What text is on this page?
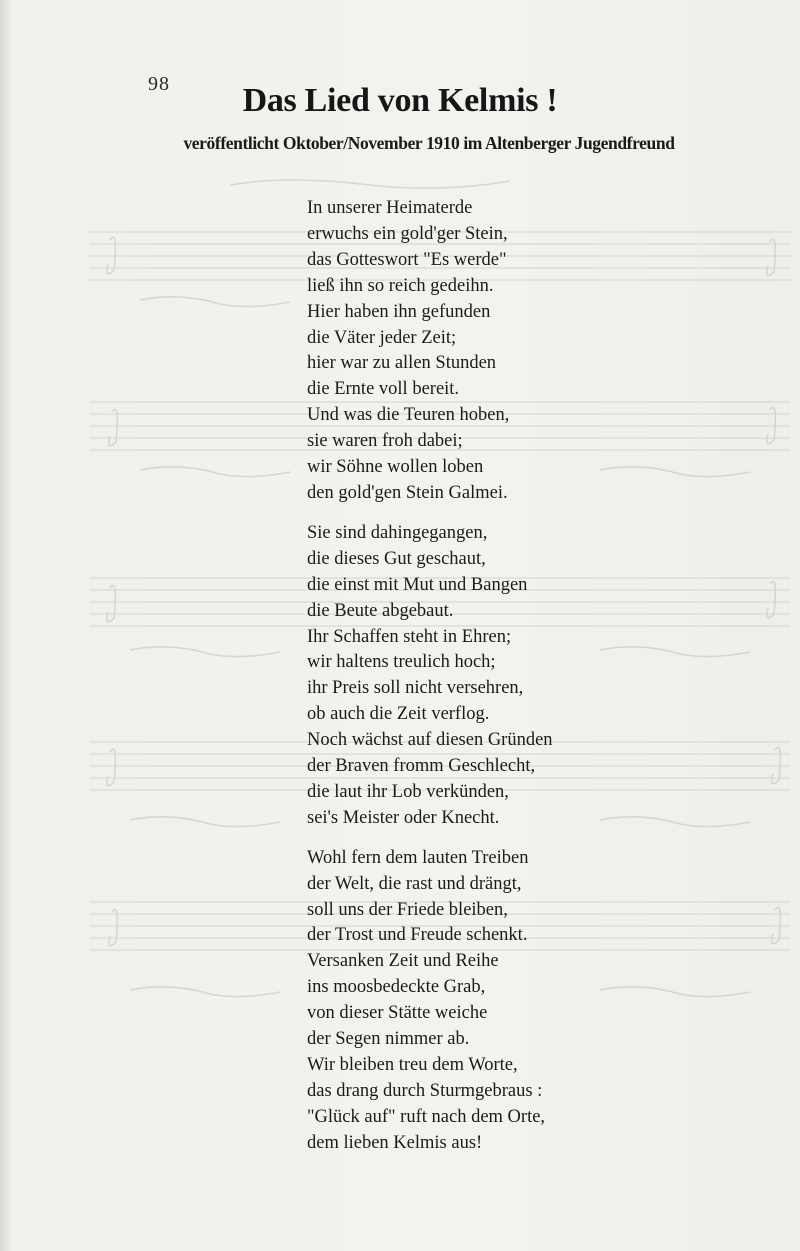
98	Das Lied von Kelmis !
veröffentlicht Oktober/November 1910 im Altenberger Jugendfreund
In unserer Heimaterde
erwuchs ein gold'ger Stein,
das Gotteswort "Es werde"
ließ ihn so reich gedeihn.
Hier haben ihn gefunden
die Väter jeder Zeit;
hier war zu allen Stunden
die Ernte voll bereit.
Und was die Teuren hoben,
sie waren froh dabei;
wir Söhne wollen loben
den gold'gen Stein Galmei.
Sie sind dahingegangen,
die dieses Gut geschaut,
die einst mit Mut und Bangen
die Beute abgebaut.
Ihr Schaffen steht in Ehren;
wir haltens treulich hoch;
ihr Preis soll nicht versehren,
ob auch die Zeit verflog.
Noch wächst auf diesen Gründen
der Braven fromm Geschlecht,
die laut ihr Lob verkünden,
sei's Meister oder Knecht.
Wohl fern dem lauten Treiben
der Welt, die rast und drängt,
soll uns der Friede bleiben,
der Trost und Freude schenkt.
Versanken Zeit und Reihe
ins moosbedeckte Grab,
von dieser Stätte weiche
der Segen nimmer ab.
Wir bleiben treu dem Worte,
das drang durch Sturmgebraus :
"Glück auf" ruft nach dem Orte,
dem lieben Kelmis aus!
